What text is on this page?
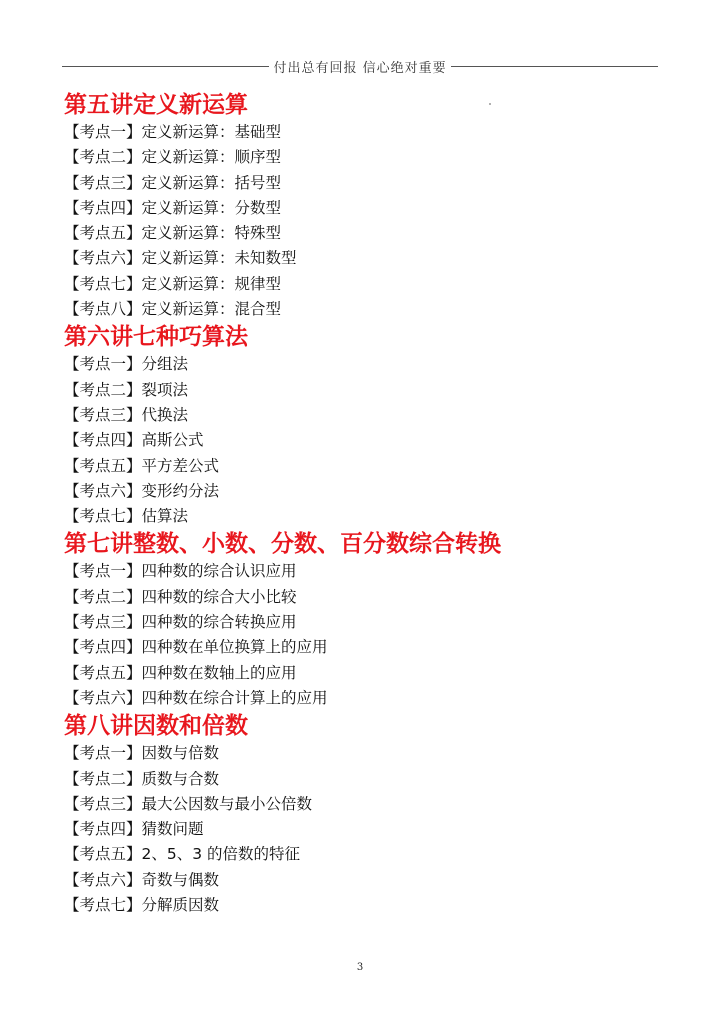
付出总有回报 信心绝对重要
第五讲定义新运算
【考点一】定义新运算：基础型
【考点二】定义新运算：顺序型
【考点三】定义新运算：括号型
【考点四】定义新运算：分数型
【考点五】定义新运算：特殊型
【考点六】定义新运算：未知数型
【考点七】定义新运算：规律型
【考点八】定义新运算：混合型
第六讲七种巧算法
【考点一】分组法
【考点二】裂项法
【考点三】代换法
【考点四】高斯公式
【考点五】平方差公式
【考点六】变形约分法
【考点七】估算法
第七讲整数、小数、分数、百分数综合转换
【考点一】四种数的综合认识应用
【考点二】四种数的综合大小比较
【考点三】四种数的综合转换应用
【考点四】四种数在单位换算上的应用
【考点五】四种数在数轴上的应用
【考点六】四种数在综合计算上的应用
第八讲因数和倍数
【考点一】因数与倍数
【考点二】质数与合数
【考点三】最大公因数与最小公倍数
【考点四】猜数问题
【考点五】2、5、3 的倍数的特征
【考点六】奇数与偶数
【考点七】分解质因数
3
